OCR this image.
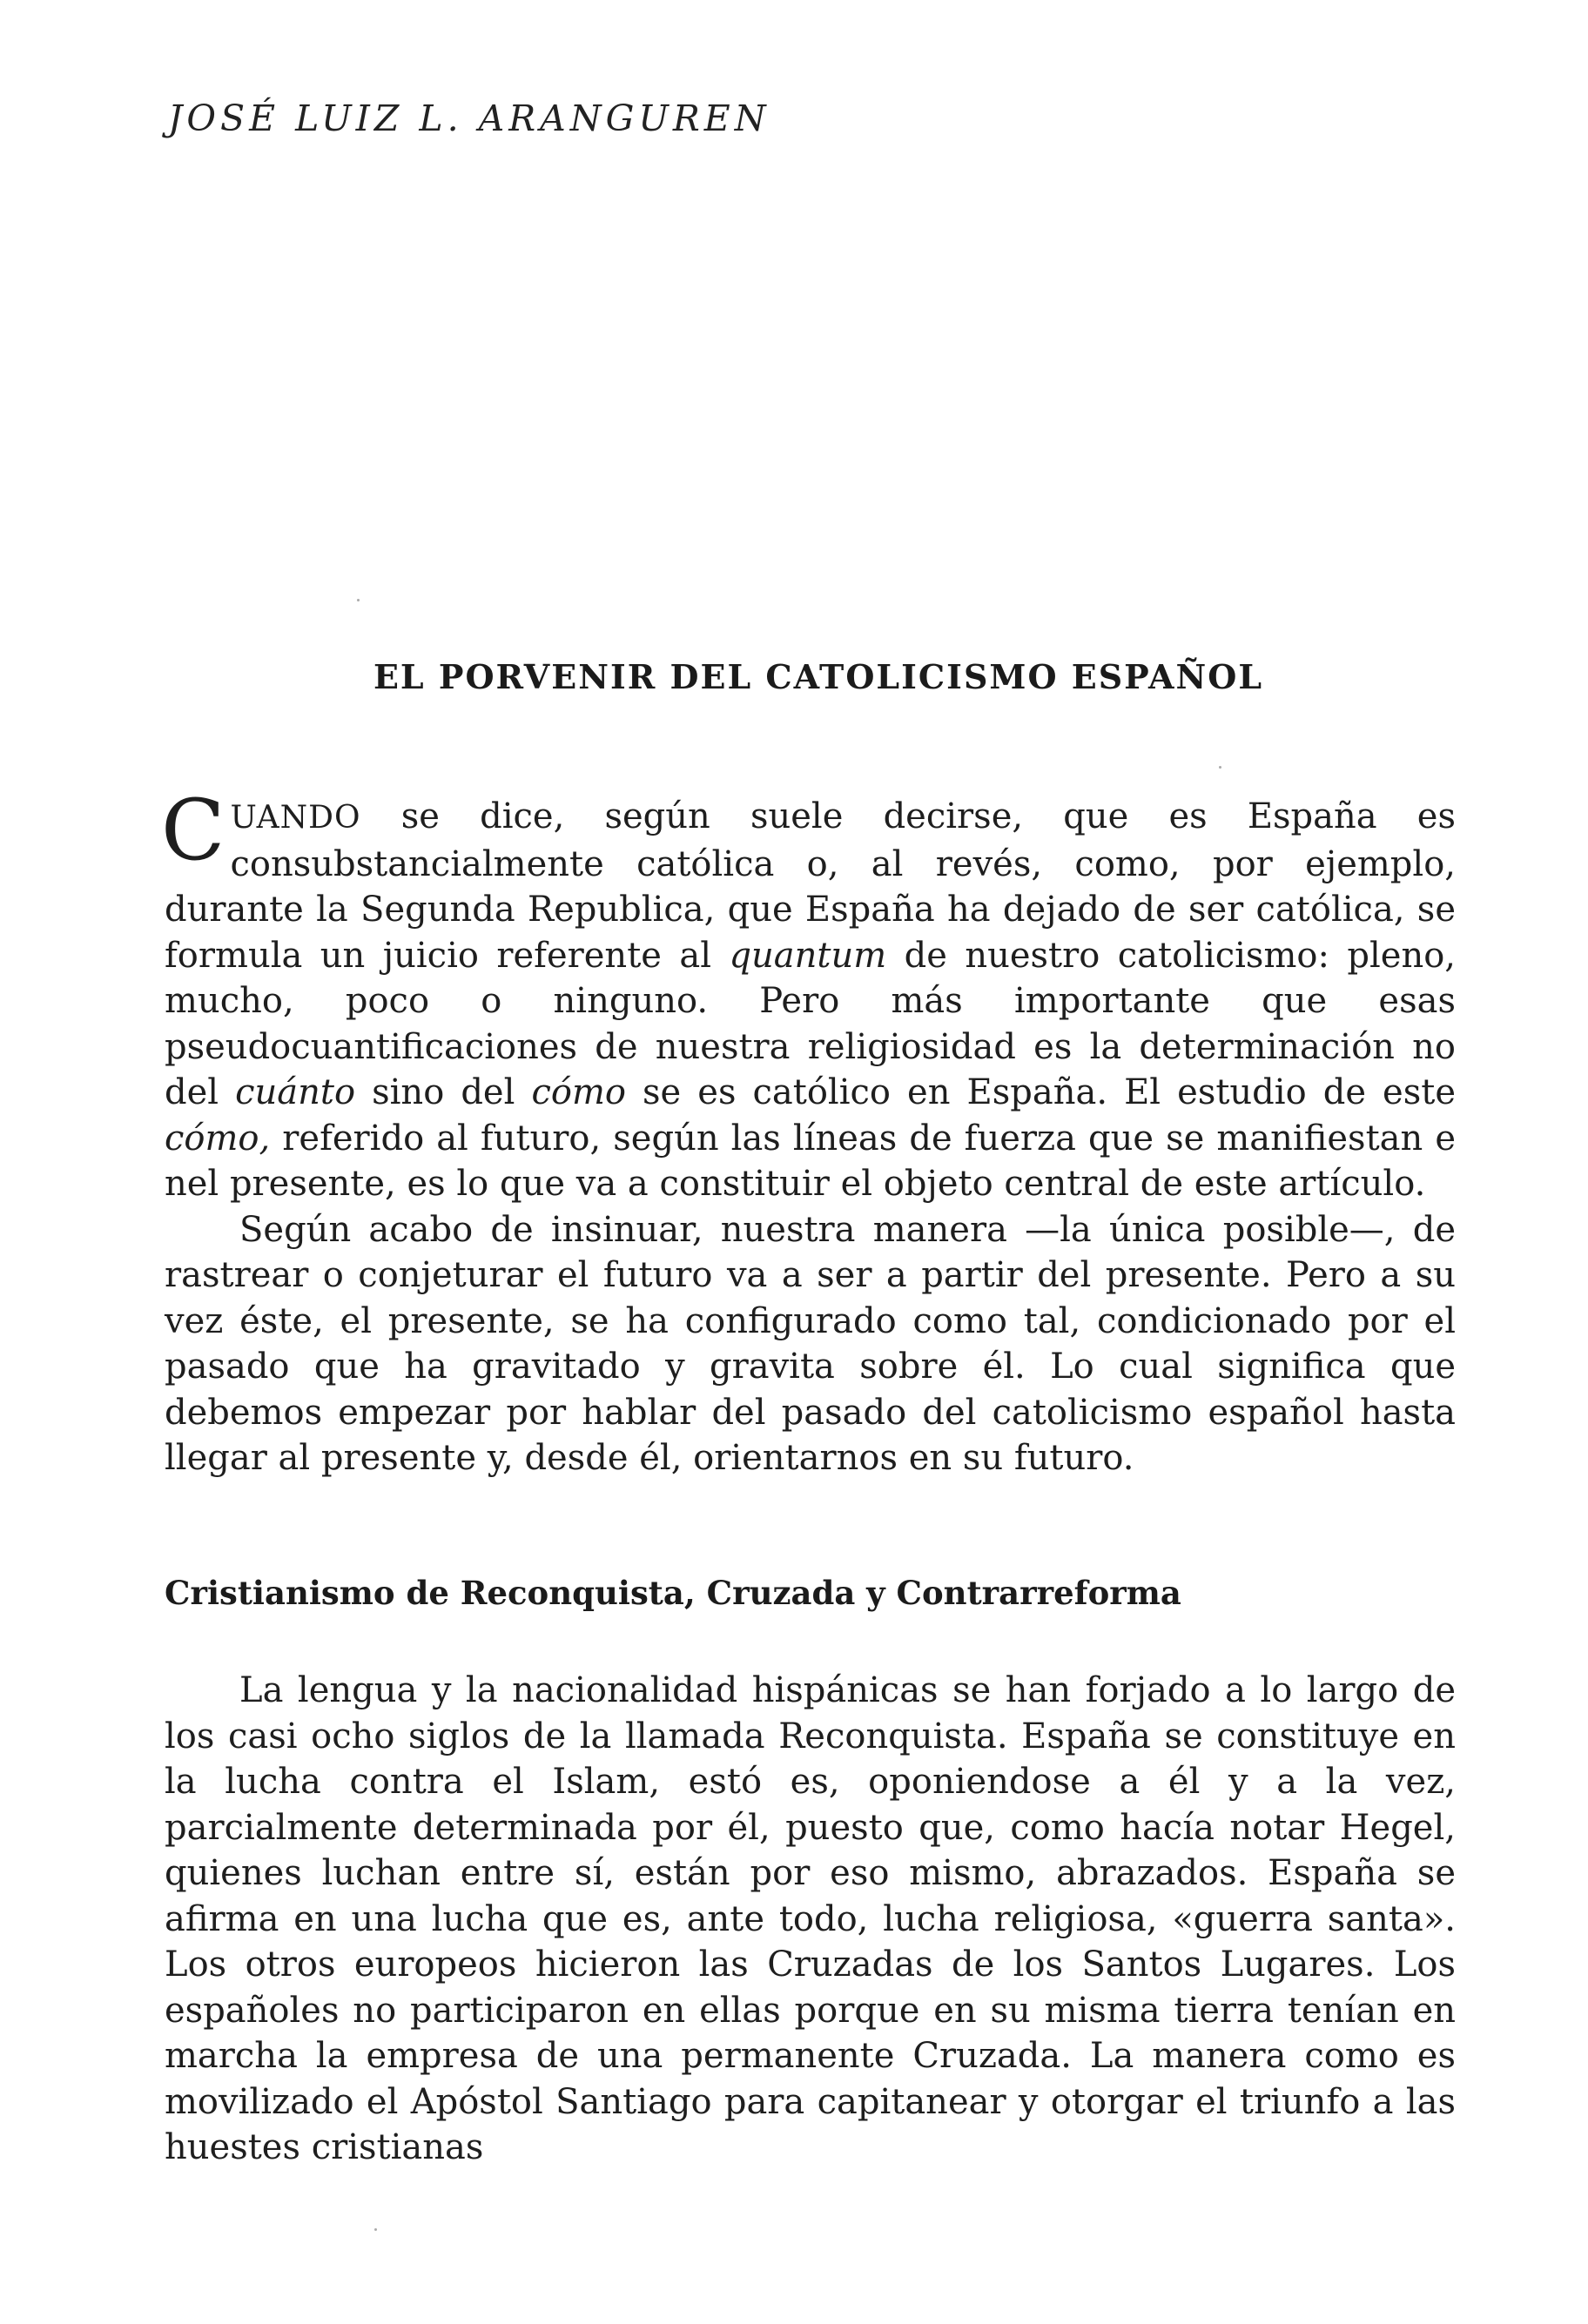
JOSÉ LUIZ L. ARANGUREN
EL PORVENIR DEL CATOLICISMO ESPAÑOL

CUANDO se dice, según suele decirse, que es España es consubstancialmente católica o, al revés, como, por ejemplo, durante la Segunda Republica, que España ha dejado de ser católica, se formula un juicio referente al quantum de nuestro catolicismo: pleno, mucho, poco o ninguno. Pero más importante que esas pseudocuantificaciones de nuestra religiosidad es la determinación no del cuánto sino del cómo se es católico en España. El estudio de este cómo, referido al futuro, según las líneas de fuerza que se manifiestan e nel presente, es lo que va a constituir el objeto central de este artículo.

Según acabo de insinuar, nuestra manera —la única posible—, de rastrear o conjeturar el futuro va a ser a partir del presente. Pero a su vez éste, el presente, se ha configurado como tal, condicionado por el pasado que ha gravitado y gravita sobre él. Lo cual significa que debemos empezar por hablar del pasado del catolicismo español hasta llegar al presente y, desde él, orientarnos en su futuro.

Cristianismo de Reconquista, Cruzada y Contrarreforma

La lengua y la nacionalidad hispánicas se han forjado a lo largo de los casi ocho siglos de la llamada Reconquista. España se constituye en la lucha contra el Islam, estó es, oponiendose a él y a la vez, parcialmente determinada por él, puesto que, como hacía notar Hegel, quienes luchan entre sí, están por eso mismo, abrazados. España se afirma en una lucha que es, ante todo, lucha religiosa, «guerra santa». Los otros europeos hicieron las Cruzadas de los Santos Lugares. Los españoles no participaron en ellas porque en su misma tierra tenían en marcha la empresa de una permanente Cruzada. La manera como es movilizado el Apóstol Santiago para capitanear y otorgar el triunfo a las huestes cristianas
